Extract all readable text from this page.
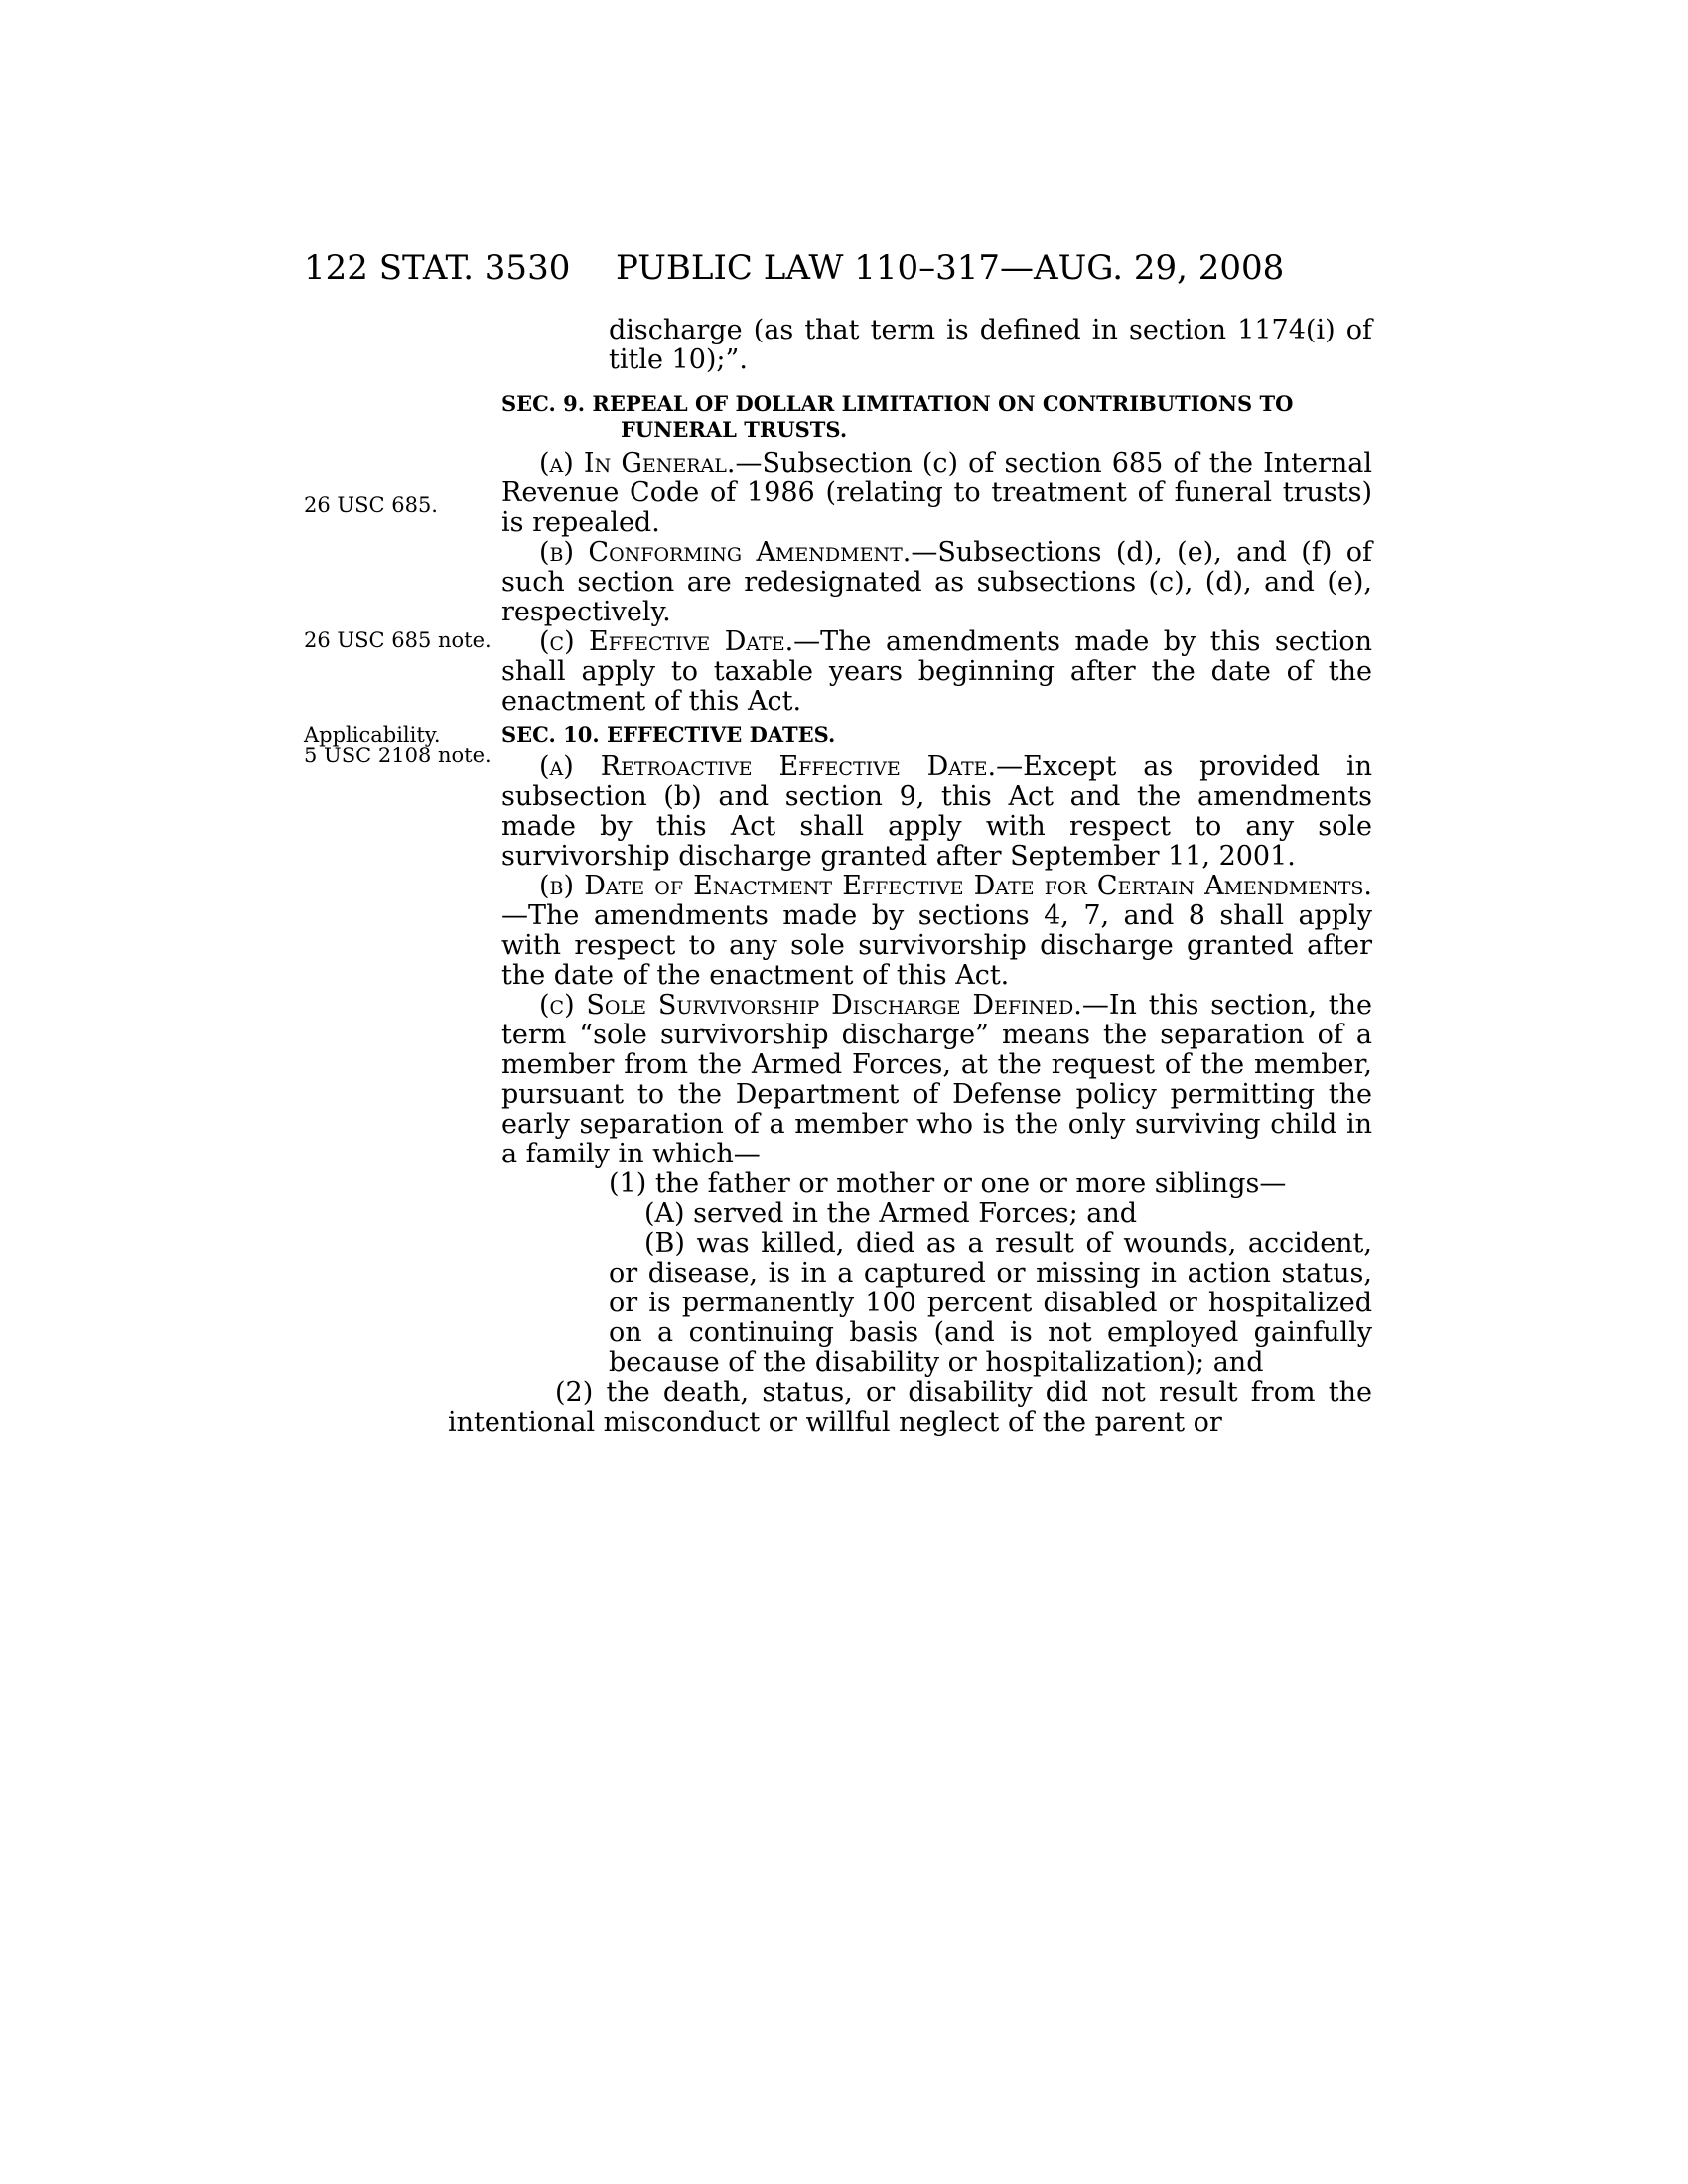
122 STAT. 3530 PUBLIC LAW 110–317—AUG. 29, 2008
26 USC 685.
26 USC 685 note.
Applicability.
5 USC 2108 note.

discharge (as that term is defined in section 1174(i) of title 10);”.

SEC. 9. REPEAL OF DOLLAR LIMITATION ON CONTRIBUTIONS TO
FUNERAL TRUSTS.

(a) In General.—Subsection (c) of section 685 of the Internal Revenue Code of 1986 (relating to treatment of funeral trusts) is repealed.

(b) Conforming Amendment.—Subsections (d), (e), and (f) of such section are redesignated as subsections (c), (d), and (e), respectively.

(c) Effective Date.—The amendments made by this section shall apply to taxable years beginning after the date of the enactment of this Act.

SEC. 10. EFFECTIVE DATES.

(a) Retroactive Effective Date.—Except as provided in subsection (b) and section 9, this Act and the amendments made by this Act shall apply with respect to any sole survivorship discharge granted after September 11, 2001.

(b) Date of Enactment Effective Date for Certain Amendments.—The amendments made by sections 4, 7, and 8 shall apply with respect to any sole survivorship discharge granted after the date of the enactment of this Act.

(c) Sole Survivorship Discharge Defined.—In this section, the term “sole survivorship discharge” means the separation of a member from the Armed Forces, at the request of the member, pursuant to the Department of Defense policy permitting the early separation of a member who is the only surviving child in a family in which—

(1) the father or mother or one or more siblings—

(A) served in the Armed Forces; and

(B) was killed, died as a result of wounds, accident, or disease, is in a captured or missing in action status, or is permanently 100 percent disabled or hospitalized on a continuing basis (and is not employed gainfully because of the disability or hospitalization); and

(2) the death, status, or disability did not result from the intentional misconduct or willful neglect of the parent or
